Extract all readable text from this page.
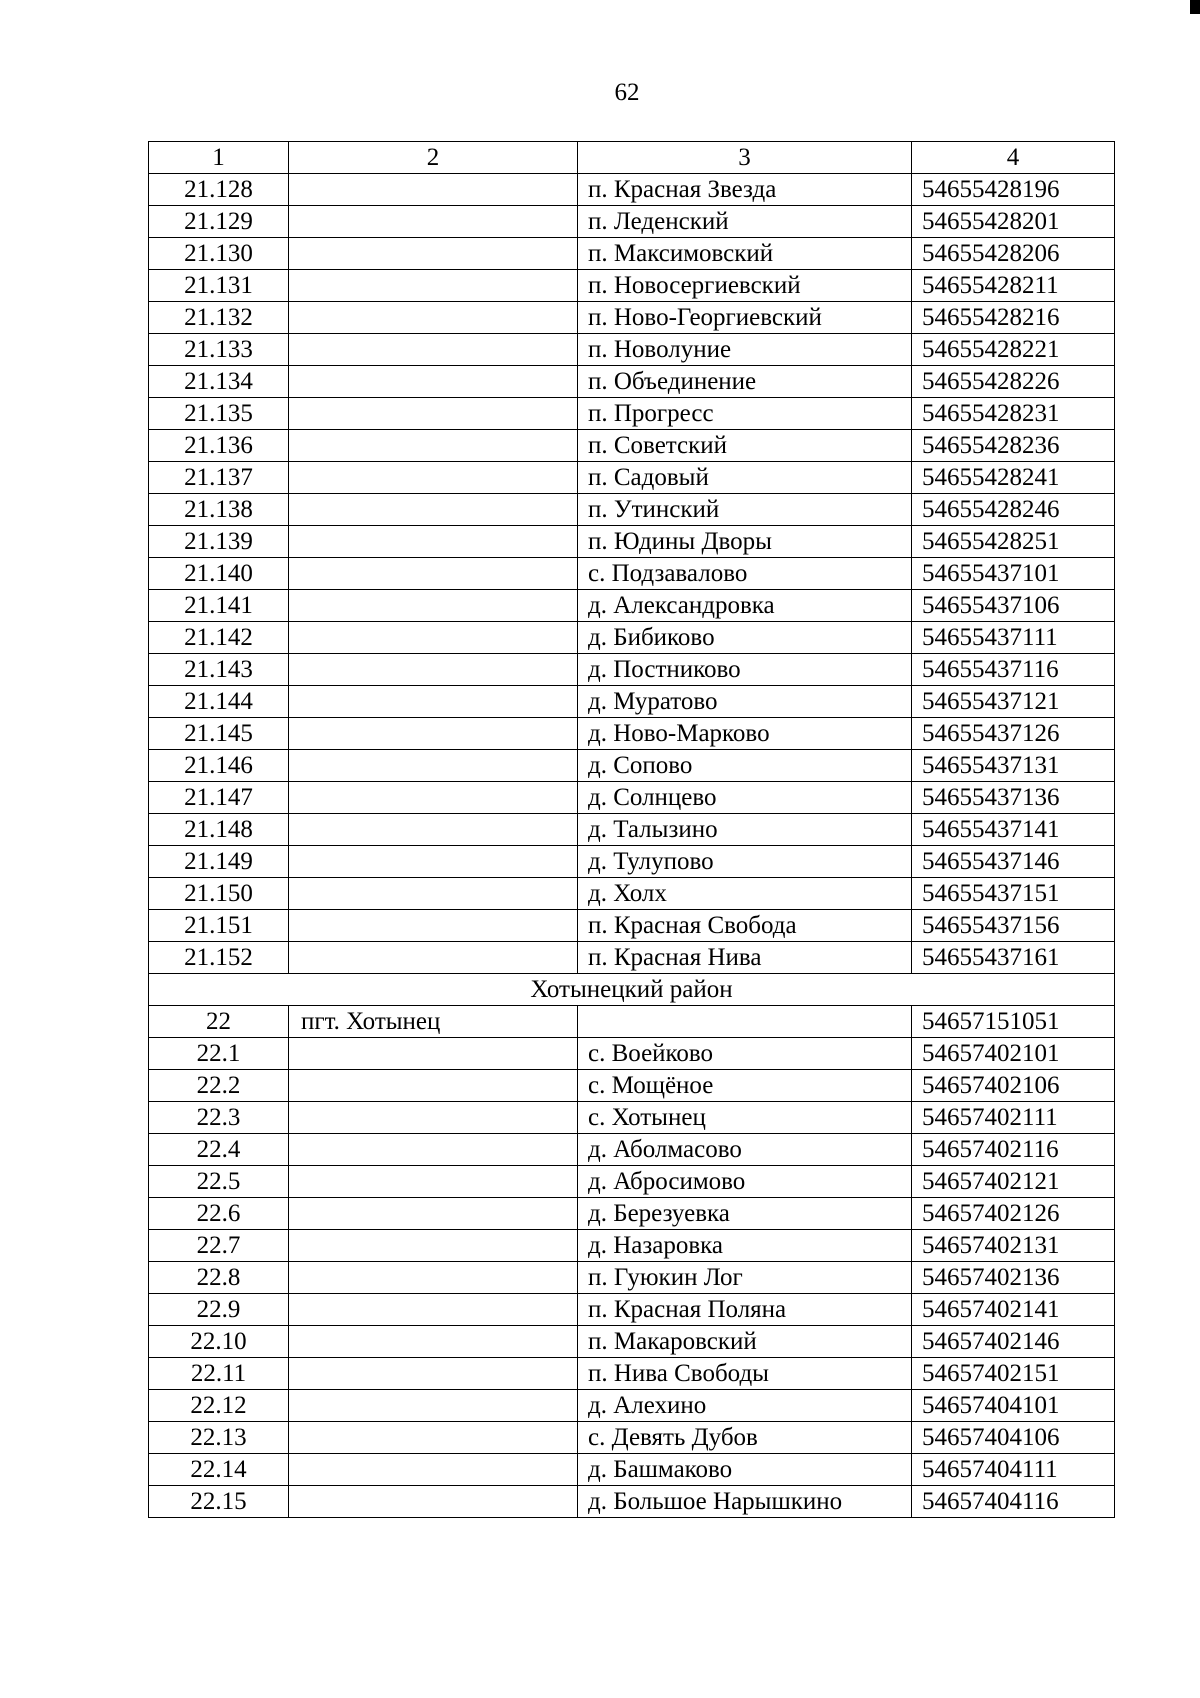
62
1	2	3	4
21.128		п. Красная Звезда	54655428196
21.129		п. Леденский	54655428201
21.130		п. Максимовский	54655428206
21.131		п. Новосергиевский	54655428211
21.132		п. Ново-Георгиевский	54655428216
21.133		п. Новолуние	54655428221
21.134		п. Объединение	54655428226
21.135		п. Прогресс	54655428231
21.136		п. Советский	54655428236
21.137		п. Садовый	54655428241
21.138		п. Утинский	54655428246
21.139		п. Юдины Дворы	54655428251
21.140		с. Подзавалово	54655437101
21.141		д. Александровка	54655437106
21.142		д. Бибиково	54655437111
21.143		д. Постниково	54655437116
21.144		д. Муратово	54655437121
21.145		д. Ново-Марково	54655437126
21.146		д. Сопово	54655437131
21.147		д. Солнцево	54655437136
21.148		д. Талызино	54655437141
21.149		д. Тулупово	54655437146
21.150		д. Холх	54655437151
21.151		п. Красная Свобода	54655437156
21.152		п. Красная Нива	54655437161
Хотынецкий район			
22	пгт. Хотынец		54657151051
22.1		с. Воейково	54657402101
22.2		с. Мощёное	54657402106
22.3		с. Хотынец	54657402111
22.4		д. Аболмасово	54657402116
22.5		д. Абросимово	54657402121
22.6		д. Березуевка	54657402126
22.7		д. Назаровка	54657402131
22.8		п. Гуюкин Лог	54657402136
22.9		п. Красная Поляна	54657402141
22.10		п. Макаровский	54657402146
22.11		п. Нива Свободы	54657402151
22.12		д. Алехино	54657404101
22.13		с. Девять Дубов	54657404106
22.14		д. Башмаково	54657404111
22.15		д. Большое Нарышкино	54657404116
